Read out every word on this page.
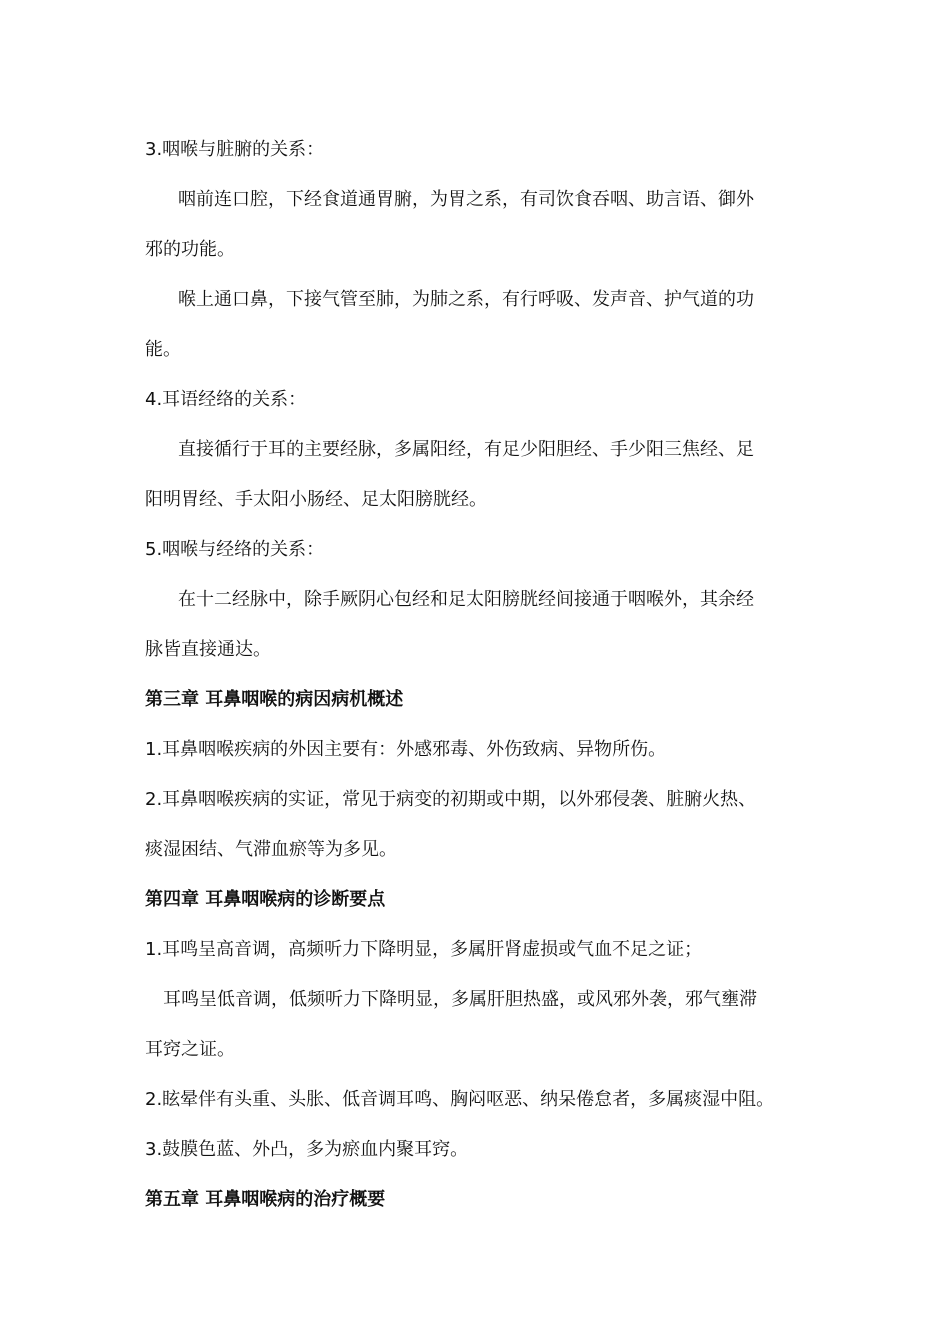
3.咽喉与脏腑的关系：
咽前连口腔，下经食道通胃腑，为胃之系，有司饮食吞咽、助言语、御外
邪的功能。
喉上通口鼻，下接气管至肺，为肺之系，有行呼吸、发声音、护气道的功
能。
4.耳语经络的关系：
直接循行于耳的主要经脉，多属阳经，有足少阳胆经、手少阳三焦经、足
阳明胃经、手太阳小肠经、足太阳膀胱经。
5.咽喉与经络的关系：
在十二经脉中，除手厥阴心包经和足太阳膀胱经间接通于咽喉外，其余经
脉皆直接通达。
第三章 耳鼻咽喉的病因病机概述
1.耳鼻咽喉疾病的外因主要有：外感邪毒、外伤致病、异物所伤。
2.耳鼻咽喉疾病的实证，常见于病变的初期或中期，以外邪侵袭、脏腑火热、
痰湿困结、气滞血瘀等为多见。
第四章 耳鼻咽喉病的诊断要点
1.耳鸣呈高音调，高频听力下降明显，多属肝肾虚损或气血不足之证；
耳鸣呈低音调，低频听力下降明显，多属肝胆热盛，或风邪外袭，邪气壅滞
耳窍之证。
2.眩晕伴有头重、头胀、低音调耳鸣、胸闷呕恶、纳呆倦怠者，多属痰湿中阻。
3.鼓膜色蓝、外凸，多为瘀血内聚耳窍。
第五章 耳鼻咽喉病的治疗概要
